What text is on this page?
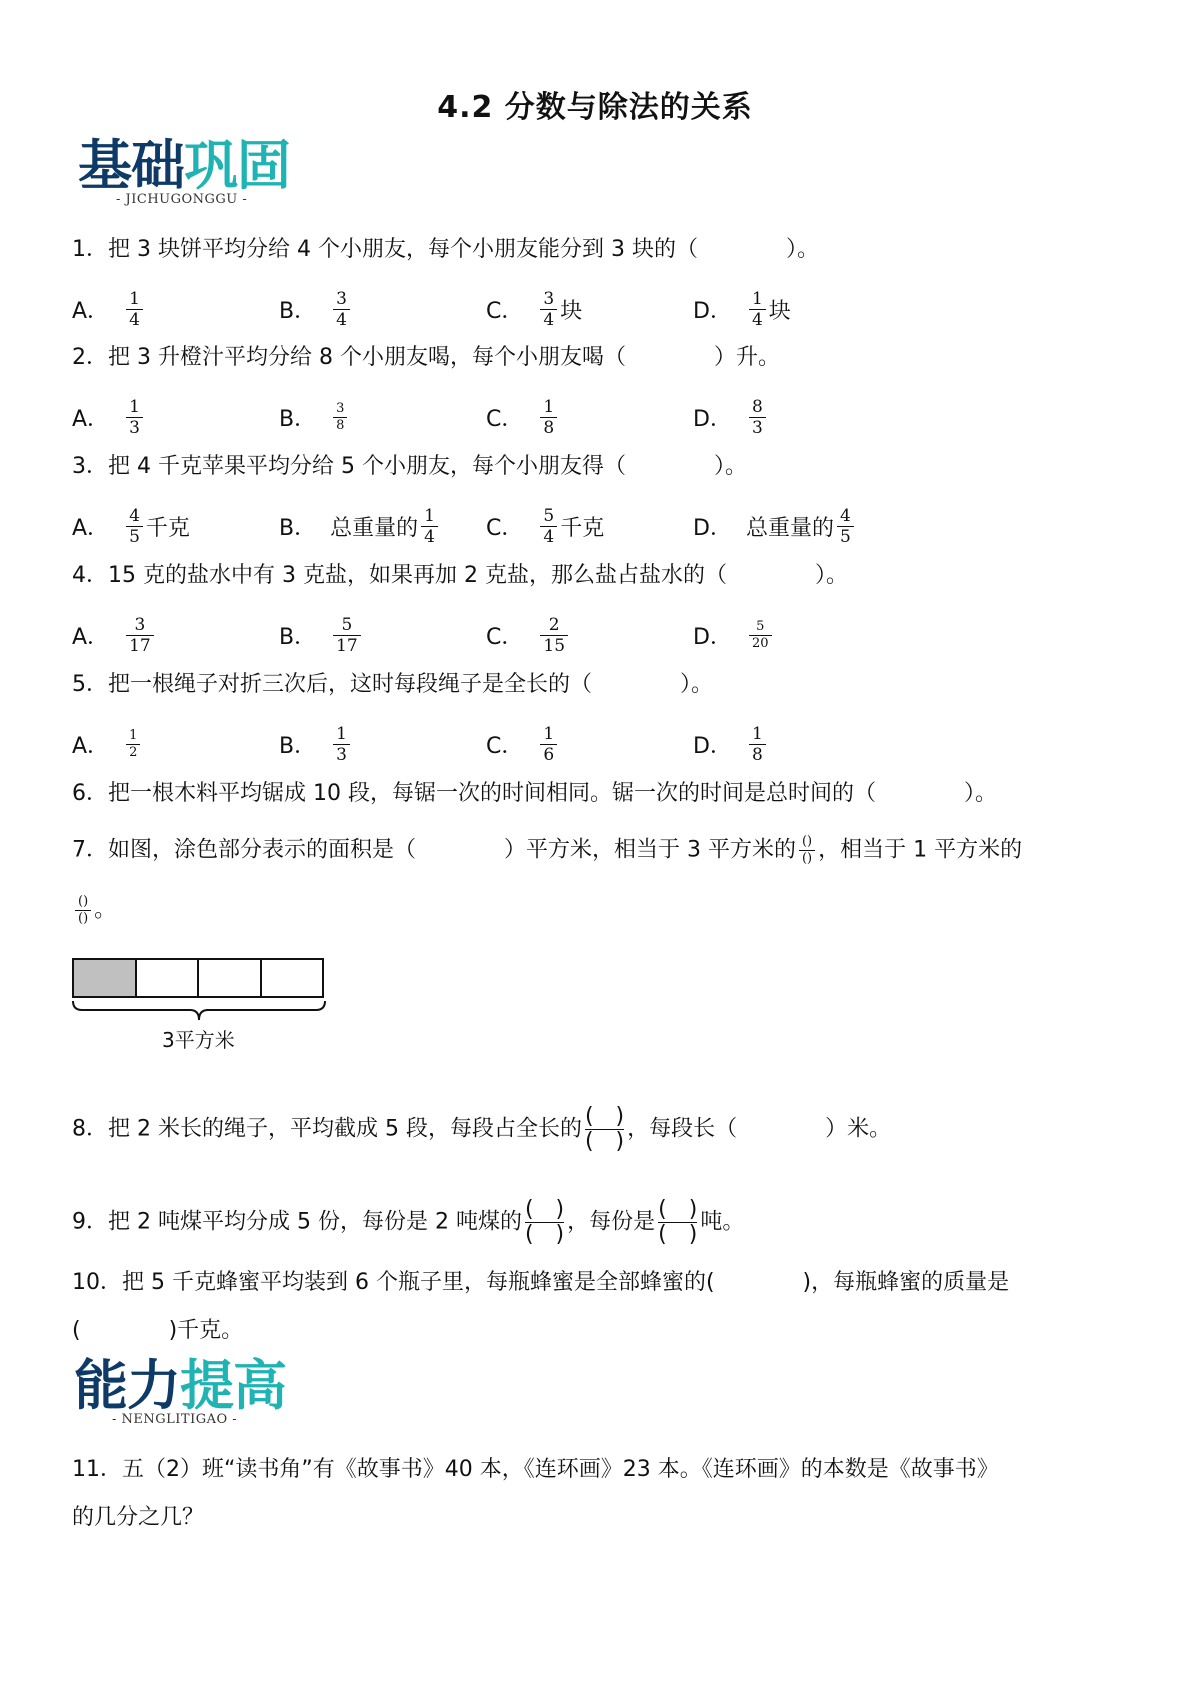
4.2 分数与除法的关系
基础巩固
- JICHUGONGGU -
1．把 3 块饼平均分给 4 个小朋友，每个小朋友能分到 3 块的（　　　　）。
A． $\frac{1}{4}$	B． $\frac{3}{4}$	C． $\frac{3}{4}$ 块	D． $\frac{1}{4}$ 块
2．把 3 升橙汁平均分给 8 个小朋友喝，每个小朋友喝（　　　　）升。
A． $\frac{1}{3}$	B． $\frac{3}{8}$	C． $\frac{1}{8}$	D． $\frac{8}{3}$
3．把 4 千克苹果平均分给 5 个小朋友，每个小朋友得（　　　　）。
A． $\frac{4}{5}$ 千克	B． 总重量的 $\frac{1}{4}$ C． $\frac{5}{4}$ 千克	D． 总重量的 $\frac{4}{5}$
4．15 克的盐水中有 3 克盐，如果再加 2 克盐，那么盐占盐水的（　　　　）。
A． $\frac{3}{17}$	B． $\frac{5}{17}$	C． $\frac{2}{15}$	D． $\frac{5}{20}$
5．把一根绳子对折三次后，这时每段绳子是全长的（　　　　）。
A． $\frac{1}{2}$	B． $\frac{1}{3}$	C． $\frac{1}{6}$	D． $\frac{1}{8}$
6．把一根木料平均锯成 10 段，每锯一次的时间相同。锯一次的时间是总时间的（　　　　）。
7．如图，涂色部分表示的面积是（　　　　）平方米，相当于 3 平方米的 $\frac{()}{()}$ ，相当于 1 平方米的
$\frac{()}{()}$ 。
3平方米
8．把 2 米长的绳子，平均截成 5 段，每段占全长的 (　)
(　) ，每段长（　　　　）米。
9．把 2 吨煤平均分成 5 份，每份是 2 吨煤的 (　)
(　) ，每份是 (　)
(　) 吨。
10．把 5 千克蜂蜜平均装到 6 个瓶子里，每瓶蜂蜜是全部蜂蜜的(　　　　)，每瓶蜂蜜的质量是
(　　　　)千克。
能力提高
- NENGLITIGAO -
11．五（2）班“读书角”有《故事书》40 本，《连环画》23 本。《连环画》的本数是《故事书》
的几分之几？
